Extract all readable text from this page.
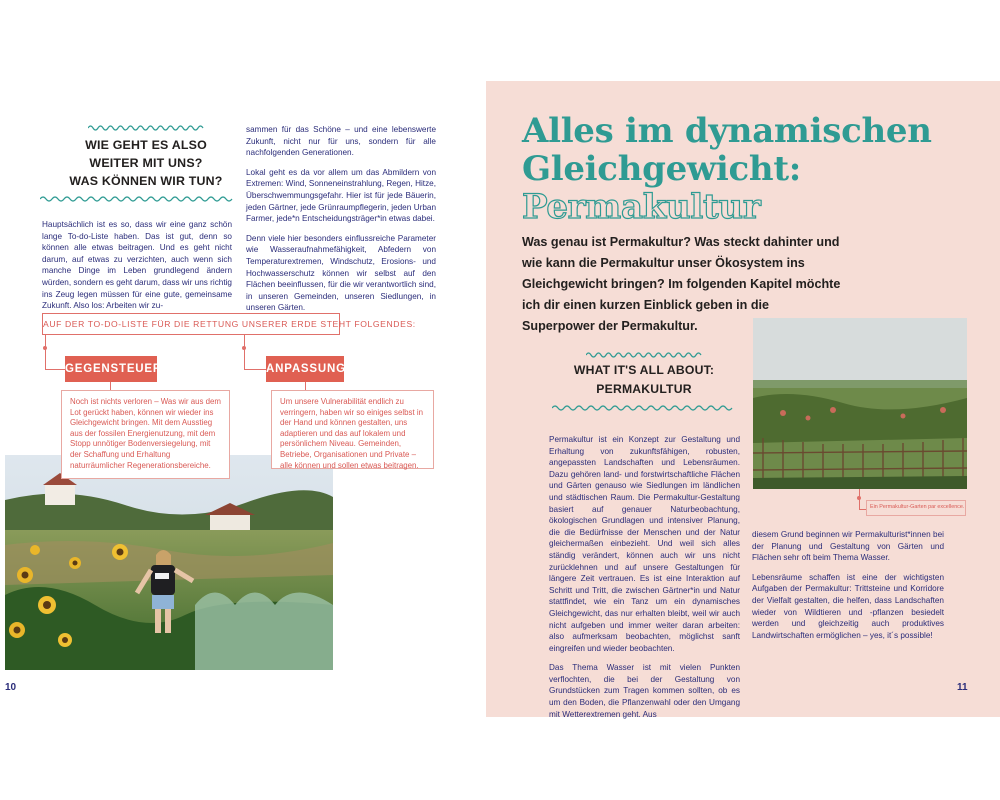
WIE GEHT ES ALSO
WEITER MIT UNS?
WAS KÖNNEN WIR TUN?

Hauptsächlich ist es so, dass wir eine ganz schön lange To-do-Liste haben. Das ist gut, denn so können alle etwas beitragen. Und es geht nicht darum, auf etwas zu verzichten, auch wenn sich manche Dinge im Leben grundlegend ändern würden, sondern es geht darum, dass wir uns richtig ins Zeug legen müssen für eine gute, gemeinsame Zukunft. Also los: Arbeiten wir zu-

sammen für das Schöne – und eine lebenswerte Zukunft, nicht nur für uns, sondern für alle nachfolgenden Generationen.

Lokal geht es da vor allem um das Abmildern von Extremen: Wind, Sonneneinstrahlung, Regen, Hitze, Überschwemmungsgefahr. Hier ist für jede Bäuerin, jeden Gärtner, jede Grünraumpflegerin, jeden Urban Farmer, jede*n Entscheidungsträger*in etwas dabei.

Denn viele hier besonders einflussreiche Parameter wie Wasseraufnahmefähigkeit, Abfedern von Temperaturextremen, Windschutz, Erosions- und Hochwasserschutz können wir selbst auf den Flächen beeinflussen, für die wir verantwortlich sind, in unseren Gemeinden, unseren Siedlungen, in unseren Gärten.

AUF DER TO-DO-LISTE FÜR DIE RETTUNG UNSERER ERDE STEHT FOLGENDES:
GEGENSTEUERN	ANPASSUNG
Noch ist nichts verloren – Was wir aus dem Lot gerückt haben, können wir wieder ins Gleichgewicht bringen. Mit dem Ausstieg aus der fossilen Energienutzung, mit dem Stopp unnötiger Bodenversiegelung, mit der Schaffung und Erhaltung naturräumlicher Regenerationsbereiche.
Um unsere Vulnerabilität endlich zu verringern, haben wir so einiges selbst in der Hand und können gestalten, uns adaptieren und das auf lokalem und persönlichem Niveau. Gemeinden, Betriebe, Organisationen und Private – alle können und sollen etwas beitragen.
10
Alles im dynamischen
Gleichgewicht:
Permakultur
Was genau ist Permakultur? Was steckt dahinter und wie kann die Permakultur unser Ökosystem ins Gleichgewicht bringen? Im folgenden Kapitel möchte ich dir einen kurzen Einblick geben in die Superpower der Permakultur.
WHAT IT'S ALL ABOUT:
PERMAKULTUR

Permakultur ist ein Konzept zur Gestaltung und Erhaltung von zukunftsfähigen, robusten, angepassten Landschaften und Lebensräumen. Dazu gehören land- und forstwirtschaftliche Flächen und Gärten genauso wie Siedlungen im ländlichen und städtischen Raum. Die Permakultur-Gestaltung basiert auf genauer Naturbeobachtung, ökologischen Grundlagen und intensiver Planung, die die Bedürfnisse der Menschen und der Natur gleichermaßen einbezieht. Und weil sich alles ständig verändert, können auch wir uns nicht zurücklehnen und auf unsere Gestaltungen für längere Zeit vertrauen. Es ist eine Interaktion auf Schritt und Tritt, die zwischen Gärtner*in und Natur stattfindet, wie ein Tanz um ein dynamisches Gleichgewicht, das nur erhalten bleibt, weil wir auch nicht aufgeben und immer weiter daran arbeiten: also aufmerksam beobachten, möglichst sanft eingreifen und wieder beobachten.

Das Thema Wasser ist mit vielen Punkten verflochten, die bei der Gestaltung von Grundstücken zum Tragen kommen sollten, ob es um den Boden, die Pflanzenwahl oder den Umgang mit Wetterextremen geht. Aus

Ein Permakultur-Garten par excellence.

diesem Grund beginnen wir Permakulturist*innen bei der Planung und Gestaltung von Gärten und Flächen sehr oft beim Thema Wasser.

Lebensräume schaffen ist eine der wichtigsten Aufgaben der Permakultur: Trittsteine und Korridore der Vielfalt gestalten, die helfen, dass Landschaften wieder von Wildtieren und -pflanzen besiedelt werden und gleichzeitig auch produktives Landwirtschaften ermöglichen – yes, it´s possible!

11
